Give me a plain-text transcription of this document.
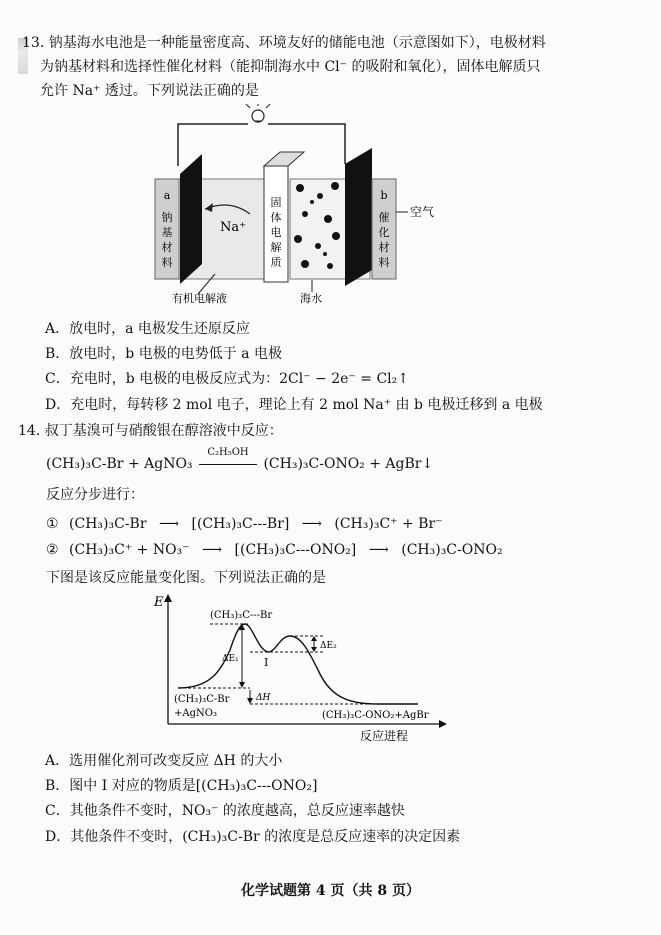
13. 钠基海水电池是一种能量密度高、环境友好的储能电池（示意图如下），电极材料
为钠基材料和选择性催化材料（能抑制海水中 Cl⁻ 的吸附和氧化），固体电解质只
允许 Na⁺ 透过。下列说法正确的是
Na⁺
a
钠
基
材
料
固
体
电
解
质
b
催
化
材
料
空气
有机电解液	海水
A．放电时，a 电极发生还原反应
B．放电时，b 电极的电势低于 a 电极
C．充电时，b 电极的电极反应式为：2Cl⁻ − 2e⁻ = Cl₂↑
D．充电时，每转移 2 mol 电子，理论上有 2 mol Na⁺ 由 b 电极迁移到 a 电极
14. 叔丁基溴可与硝酸银在醇溶液中反应：
(CH₃)₃C-Br + AgNO₃
C₂H₅OH
(CH₃)₃C-ONO₂ + AgBr↓
反应分步进行：
① (CH₃)₃C-Br ⟶ [(CH₃)₃C---Br] ⟶ (CH₃)₃C⁺ + Br⁻
② (CH₃)₃C⁺ + NO₃⁻ ⟶ [(CH₃)₃C---ONO₂] ⟶ (CH₃)₃C-ONO₂
下图是该反应能量变化图。下列说法正确的是
E
ΔE₁
ΔE₂
ΔH
(CH₃)₃C---Br
I
(CH₃)₃C-Br
+AgNO₃	(CH₃)₃C-ONO₂+AgBr
反应进程
A．选用催化剂可改变反应 ΔH 的大小
B．图中 I 对应的物质是[(CH₃)₃C---ONO₂]
C．其他条件不变时，NO₃⁻ 的浓度越高，总反应速率越快
D．其他条件不变时，(CH₃)₃C-Br 的浓度是总反应速率的决定因素
化学试题第 4 页（共 8 页）
